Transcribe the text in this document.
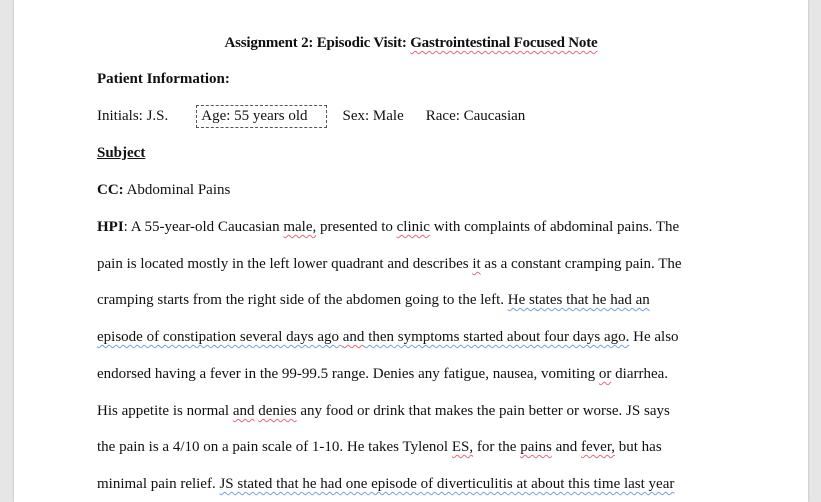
Assignment 2: Episodic Visit: Gastrointestinal Focused Note
Patient Information:
Initials: J.S. Age: 55 years old Sex: Male Race: Caucasian
Subject
CC: Abdominal Pains
HPI: A 55-year-old Caucasian male, presented to clinic with complaints of abdominal pains. The
pain is located mostly in the left lower quadrant and describes it as a constant cramping pain. The
cramping starts from the right side of the abdomen going to the left. He states that he had an
episode of constipation several days ago and then symptoms started about four days ago. He also
endorsed having a fever in the 99-99.5 range. Denies any fatigue, nausea, vomiting or diarrhea.
His appetite is normal and denies any food or drink that makes the pain better or worse. JS says
the pain is a 4/10 on a pain scale of 1-10. He takes Tylenol ES, for the pains and fever, but has
minimal pain relief. JS stated that he had one episode of diverticulitis at about this time last year
